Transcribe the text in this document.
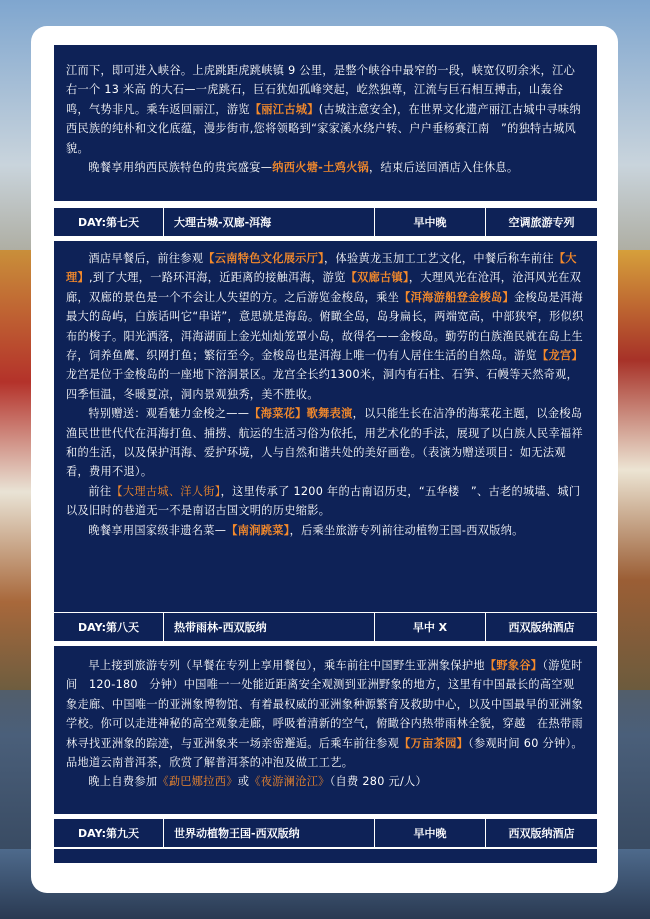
江而下，即可进入峡谷。上虎跳距虎跳峡镇 9 公里，是整个峡谷中最窄的一段，峡宽仅叨余米，江心右一个 13 米高 的大石—一虎跳石，巨石犹如孤峰突起，屹然独尊，江流与巨石相互搏击，山轰谷鸣，气势非凡。乘车返回丽江，游览【丽江古城】(古城注意安全)，在世界文化遗产丽江古城中寻味纳西民族的纯朴和文化底蕴，漫步街市,您将领略到“家家溪水绕户转、户户垂杨赛江南　”的独特古城风貌。

晚餐享用纳西民族特色的贵宾盛宴—纳西火塘-土鸡火锅，结束后送回酒店入住休息。

DAY:第七天	大理古城-双廊-洱海	早中晚	空调旅游专列

酒店早餐后，前往参观【云南特色文化展示厅】，体验黄龙玉加工工艺文化，中餐后称车前往【大理】,到了大理，一路环洱海，近距离的接触洱海，游览【双廊古镇】，大理风光在沧洱，沧洱风光在双廊，双廊的景色是一个不会让人失望的方。之后游览金梭岛，乘坐【洱海游船登金梭岛】金梭岛是洱海最大的岛屿，白族话叫它“串诺”，意思就是海岛。俯瞰全岛，岛身扁长，两端宽高，中部狭窄，形似织布的梭子。阳光洒落，洱海湖面上金光灿灿笼罩小岛，故得名——金梭岛。勤劳的白族渔民就在岛上生存，饲养鱼鹰、织网打鱼；繁衍至今。金梭岛也是洱海上唯一仍有人居住生活的自然岛。游览【龙宫】龙宫是位于金梭岛的一座地下溶洞景区。龙宫全长约1300米，洞内有石柱、石笋、石幔等天然奇观，四季恒温，冬暖夏凉，洞内景观独秀，美不胜收。

特别赠送：观看魅力金梭之——【海菜花】歌舞表演，以只能生长在洁净的海菜花主题，以金梭岛渔民世世代代在洱海打鱼、捕捞、航运的生活习俗为依托，用艺术化的手法，展现了以白族人民幸福祥和的生活，以及保护洱海、爱护环境，人与自然和谐共处的美好画卷。（表演为赠送项目：如无法观看，费用不退）。

前往【大理古城、洋人街】，这里传承了 1200 年的古南诏历史，“五华楼　”、古老的城墙、城门以及旧时的巷道无一不是南诏古国文明的历史缩影。

晚餐享用国家级非遗名菜—【南涧跳菜】，后乘坐旅游专列前往动植物王国-西双版纳。

DAY:第八天	热带雨林-西双版纳	早中 X	西双版纳酒店

早上接到旅游专列（早餐在专列上享用餐包），乘车前往中国野生亚洲象保护地【野象谷】（游览时间　120-180　分钟）中国唯一一处能近距离安全观测到亚洲野象的地方，这里有中国最长的高空观象走廊、中国唯一的亚洲象博物馆、有着最权威的亚洲象种源繁育及救助中心，以及中国最早的亚洲象学校。你可以走进神秘的高空观象走廊，呼吸着清新的空气，俯瞰谷内热带雨林全貌，穿越　在热带雨林寻找亚洲象的踪迹，与亚洲象来一场亲密邂逅。后乘车前往参观【万亩茶园】（参观时间 60 分钟）。品地道云南普洱茶，欣赏了解普洱茶的冲泡及做工工艺。

晚上自费参加《勐巴娜拉西》或《夜游澜沧江》（自费 280 元/人）

DAY:第九天	世界动植物王国-西双版纳	早中晚	西双版纳酒店
